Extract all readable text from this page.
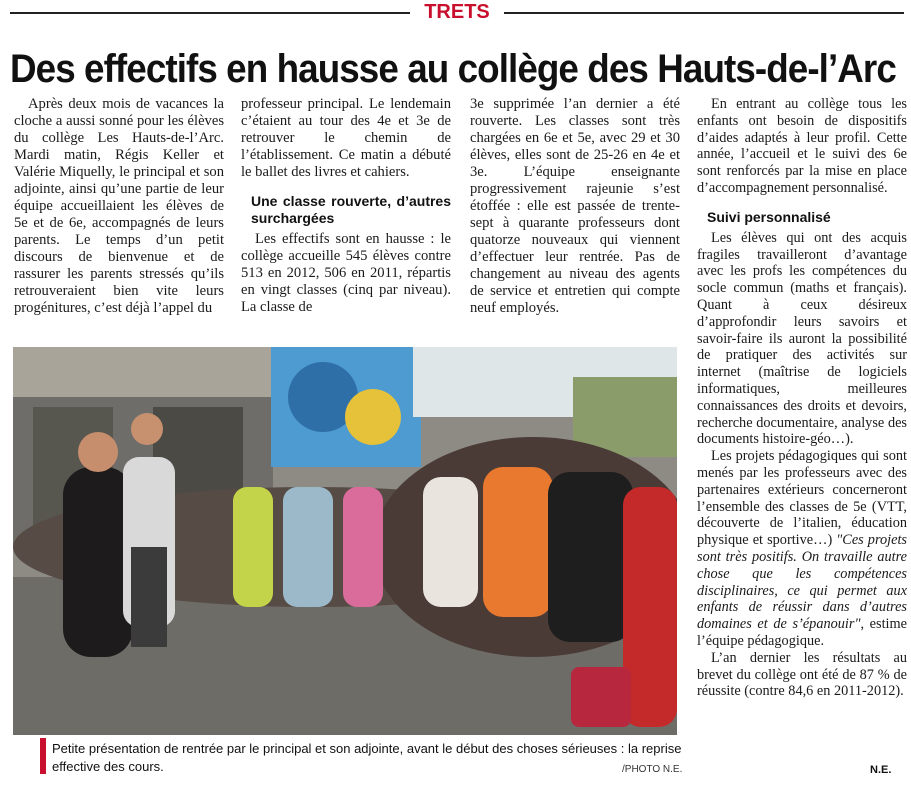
TRETS
Des effectifs en hausse au collège des Hauts-de-l’Arc

Après deux mois de vacances la cloche a aussi sonné pour les élèves du collège Les Hauts-de-l’Arc. Mardi matin, Régis Keller et Valérie Miquelly, le principal et son adjointe, ainsi qu’une partie de leur équipe accueillaient les élèves de 5e et de 6e, accompagnés de leurs parents. Le temps d’un petit discours de bienvenue et de rassurer les parents stressés qu’ils retrouveraient bien vite leurs progénitures, c’est déjà l’appel du

professeur principal. Le lendemain c’étaient au tour des 4e et 3e de retrouver le chemin de l’établissement. Ce matin a débuté le ballet des livres et cahiers.

Une classe rouverte, d’autres surchargées

Les effectifs sont en hausse : le collège accueille 545 élèves contre 513 en 2012, 506 en 2011, répartis en vingt classes (cinq par niveau). La classe de

3e supprimée l’an dernier a été rouverte. Les classes sont très chargées en 6e et 5e, avec 29 et 30 élèves, elles sont de 25-26 en 4e et 3e. L’équipe enseignante progressivement rajeunie s’est étoffée : elle est passée de trente-sept à quarante professeurs dont quatorze nouveaux qui viennent d’effectuer leur rentrée. Pas de changement au niveau des agents de service et entretien qui compte neuf employés.

En entrant au collège tous les enfants ont besoin de dispositifs d’aides adaptés à leur profil. Cette année, l’accueil et le suivi des 6e sont renforcés par la mise en place d’accompagnement personnalisé.

Suivi personnalisé

Les élèves qui ont des acquis fragiles travailleront d’avantage avec les profs les compétences du socle commun (maths et français). Quant à ceux désireux d’approfondir leurs savoirs et savoir-faire ils auront la possibilité de pratiquer des activités sur internet (maîtrise de logiciels informatiques, meilleures connaissances des droits et devoirs, recherche documentaire, analyse des documents histoire-géo…).

Les projets pédagogiques qui sont menés par les professeurs avec des partenaires extérieurs concerneront l’ensemble des classes de 5e (VTT, découverte de l’italien, éducation physique et sportive…) "Ces projets sont très positifs. On travaille autre chose que les compétences disciplinaires, ce qui permet aux enfants de réussir dans d’autres domaines et de s’épanouir", estime l’équipe pédagogique.

L’an dernier les résultats au brevet du collège ont été de 87 % de réussite (contre 84,6 en 2011-2012).

Petite présentation de rentrée par le principal et son adjointe, avant le début des choses sérieuses : la reprise effective des cours.	/PHOTO N.E.	N.E.
